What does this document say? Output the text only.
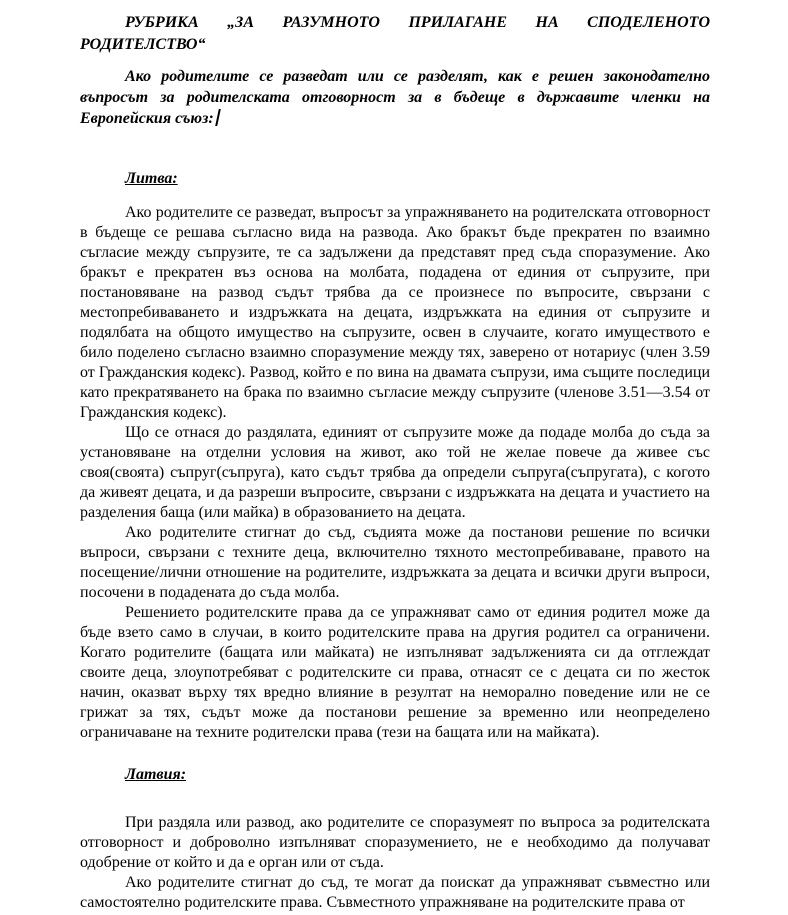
РУБРИКА „ЗА РАЗУМНОТО ПРИЛАГАНЕ НА СПОДЕЛЕНОТО РОДИТЕЛСТВО“

Ако родителите се разведат или се разделят, как е решен законодателно въпросът за родителската отговорност за в бъдеще в държавите членки на Европейския съюз:

Литва:

Ако родителите се разведат, въпросът за упражняването на родителската отговорност в бъдеще се решава съгласно вида на развода. Ако бракът бъде прекратен по взаимно съгласие между съпрузите, те са задължени да представят пред съда споразумение. Ако бракът е прекратен въз основа на молбата, подадена от единия от съпрузите, при постановяване на развод съдът трябва да се произнесе по въпросите, свързани с местопребиваването и издръжката на децата, издръжката на единия от съпрузите и подялбата на общото имущество на съпрузите, освен в случаите, когато имуществото е било поделено съгласно взаимно споразумение между тях, заверено от нотариус (член 3.59 от Гражданския кодекс). Развод, който е по вина на двамата съпрузи, има същите последици като прекратяването на брака по взаимно съгласие между съпрузите (членове 3.51—3.54 от Гражданския кодекс).

Що се отнася до раздялата, единият от съпрузите може да подаде молба до съда за установяване на отделни условия на живот, ако той не желае повече да живее със своя(своята) съпруг(съпруга), като съдът трябва да определи съпруга(съпругата), с когото да живеят децата, и да разреши въпросите, свързани с издръжката на децата и участието на разделения баща (или майка) в образованието на децата.

Ако родителите стигнат до съд, съдията може да постанови решение по всички въпроси, свързани с техните деца, включително тяхното местопребиваване, правото на посещение/лични отношение на родителите, издръжката за децата и всички други въпроси, посочени в подадената до съда молба.

Решението родителските права да се упражняват само от единия родител може да бъде взето само в случаи, в които родителските права на другия родител са ограничени. Когато родителите (бащата или майката) не изпълняват задълженията си да отглеждат своите деца, злоупотребяват с родителските си права, отнасят се с децата си по жесток начин, оказват върху тях вредно влияние в резултат на неморално поведение или не се грижат за тях, съдът може да постанови решение за временно или неопределено ограничаване на техните родителски права (тези на бащата или на майката).

Латвия:

При раздяла или развод, ако родителите се споразумеят по въпроса за родителската отговорност и доброволно изпълняват споразумението, не е необходимо да получават одобрение от който и да е орган или от съда.

Ако родителите стигнат до съд, те могат да поискат да упражняват съвместно или самостоятелно родителските права. Съвместното упражняване на родителските права от
